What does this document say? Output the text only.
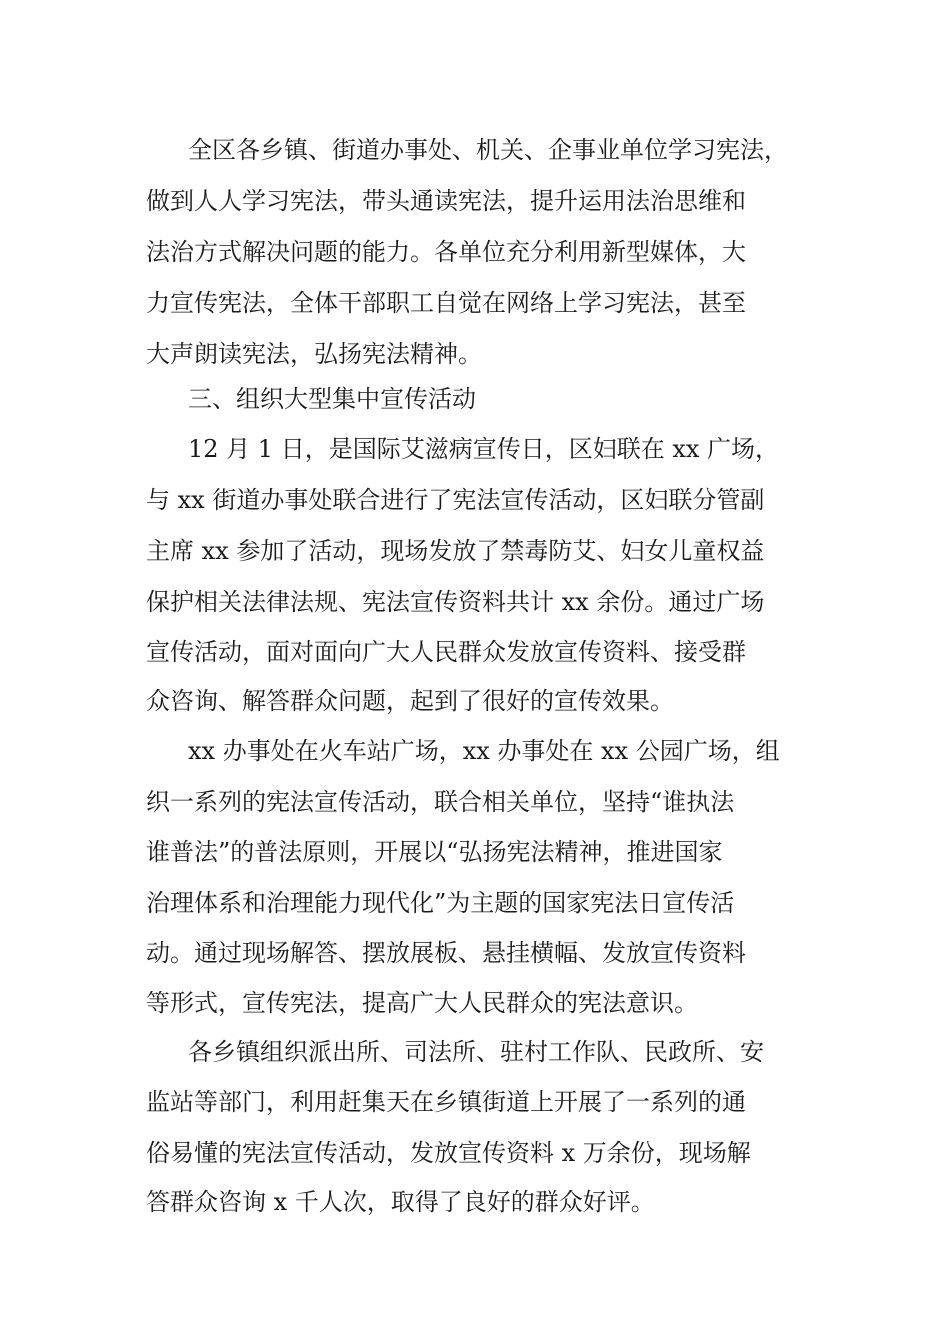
全区各乡镇、街道办事处、机关、企事业单位学习宪法，
做到人人学习宪法，带头通读宪法，提升运用法治思维和
法治方式解决问题的能力。各单位充分利用新型媒体，大
力宣传宪法，全体干部职工自觉在网络上学习宪法，甚至
大声朗读宪法，弘扬宪法精神。
三、组织大型集中宣传活动
12 月 1 日，是国际艾滋病宣传日，区妇联在 xx 广场，
与 xx 街道办事处联合进行了宪法宣传活动，区妇联分管副
主席 xx 参加了活动，现场发放了禁毒防艾、妇女儿童权益
保护相关法律法规、宪法宣传资料共计 xx 余份。通过广场
宣传活动，面对面向广大人民群众发放宣传资料、接受群
众咨询、解答群众问题，起到了很好的宣传效果。
xx 办事处在火车站广场，xx 办事处在 xx 公园广场，组
织一系列的宪法宣传活动，联合相关单位，坚持“谁执法
谁普法”的普法原则，开展以“弘扬宪法精神，推进国家
治理体系和治理能力现代化”为主题的国家宪法日宣传活
动。通过现场解答、摆放展板、悬挂横幅、发放宣传资料
等形式，宣传宪法，提高广大人民群众的宪法意识。
各乡镇组织派出所、司法所、驻村工作队、民政所、安
监站等部门，利用赶集天在乡镇街道上开展了一系列的通
俗易懂的宪法宣传活动，发放宣传资料 x 万余份，现场解
答群众咨询 x 千人次，取得了良好的群众好评。
